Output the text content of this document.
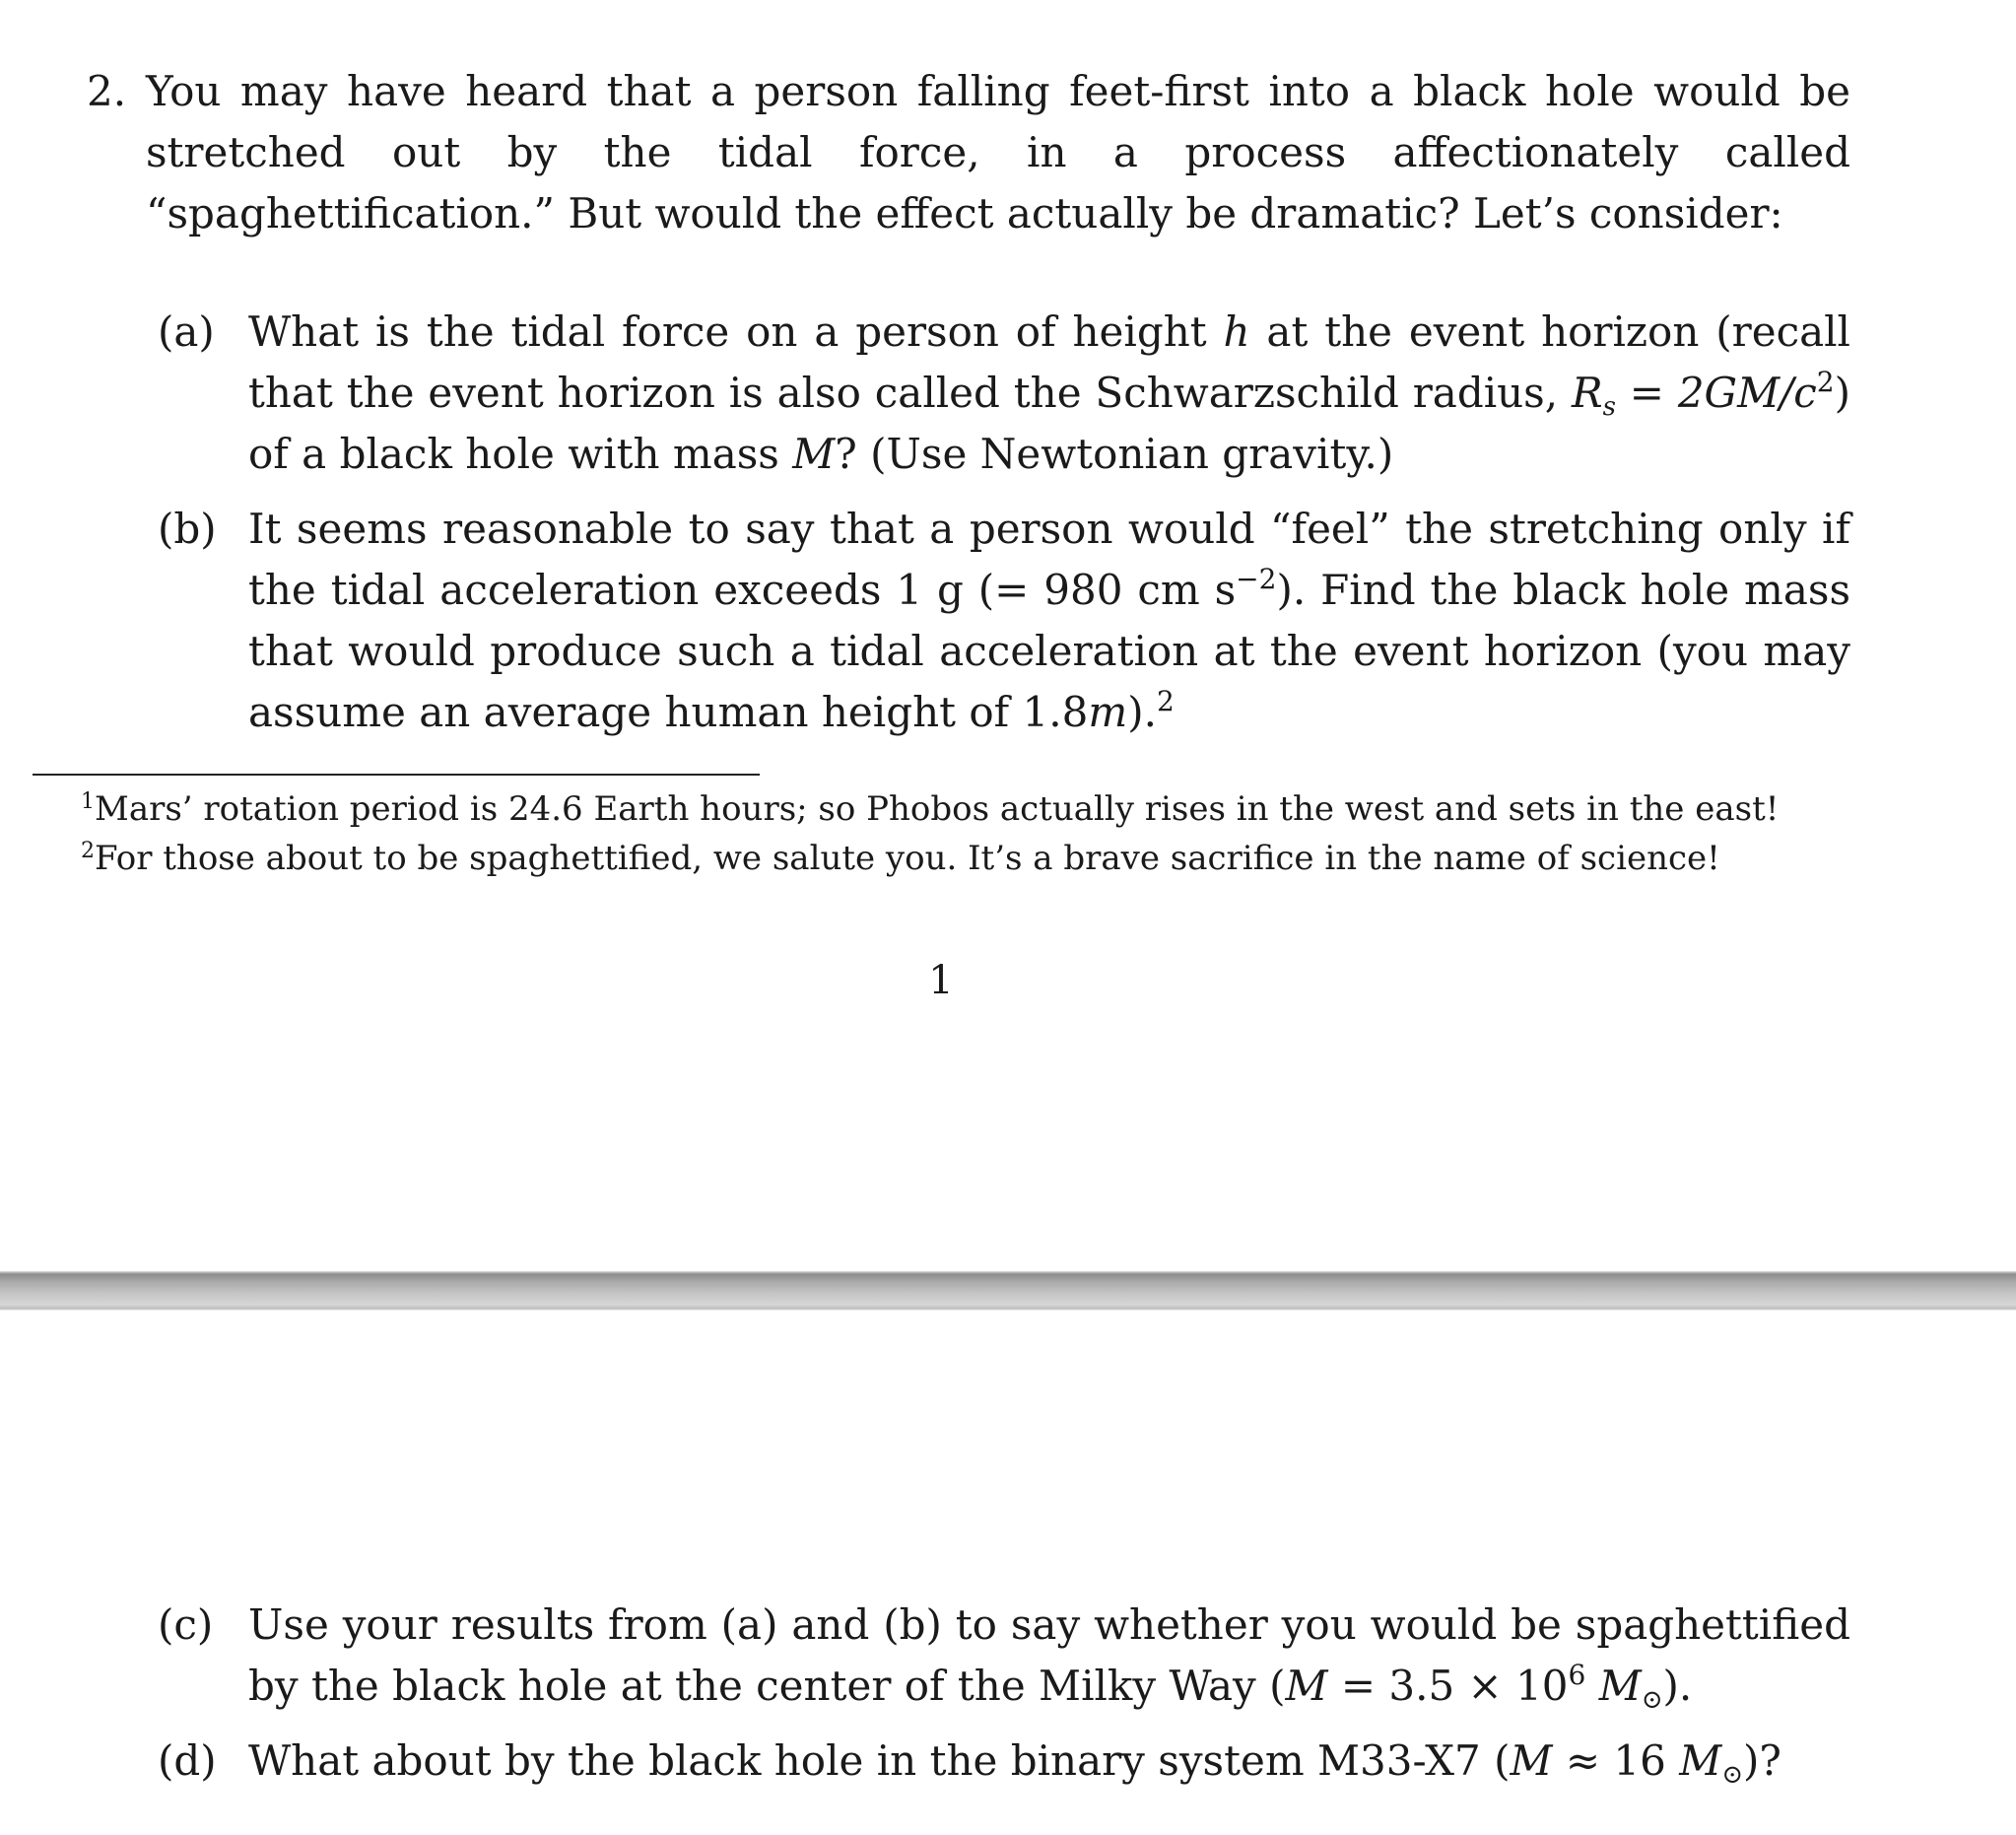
2. You may have heard that a person falling feet-first into a black hole would be stretched out by the tidal force, in a process affectionately called “spaghettification.” But would the effect actually be dramatic? Let’s consider:
(a) What is the tidal force on a person of height h at the event horizon (recall that the event horizon is also called the Schwarzschild radius, $R_s = 2GM/c^2$) of a black hole with mass M? (Use Newtonian gravity.)
(b) It seems reasonable to say that a person would “feel” the stretching only if the tidal acceleration exceeds 1 g (= 980 cm $s^{-2}$). Find the black hole mass that would produce such a tidal acceleration at the event horizon (you may assume an average human height of 1.8m).$^2$
$^1$Mars’ rotation period is 24.6 Earth hours; so Phobos actually rises in the west and sets in the east!
$^2$For those about to be spaghettified, we salute you. It’s a brave sacrifice in the name of science!
1
(c) Use your results from (a) and (b) to say whether you would be spaghettified by the black hole at the center of the Milky Way ($M = 3.5 \times 10^6$ $M_⊙$).
(d) What about by the black hole in the binary system M33-X7 (M ≈ 16 $M_⊙$)?
